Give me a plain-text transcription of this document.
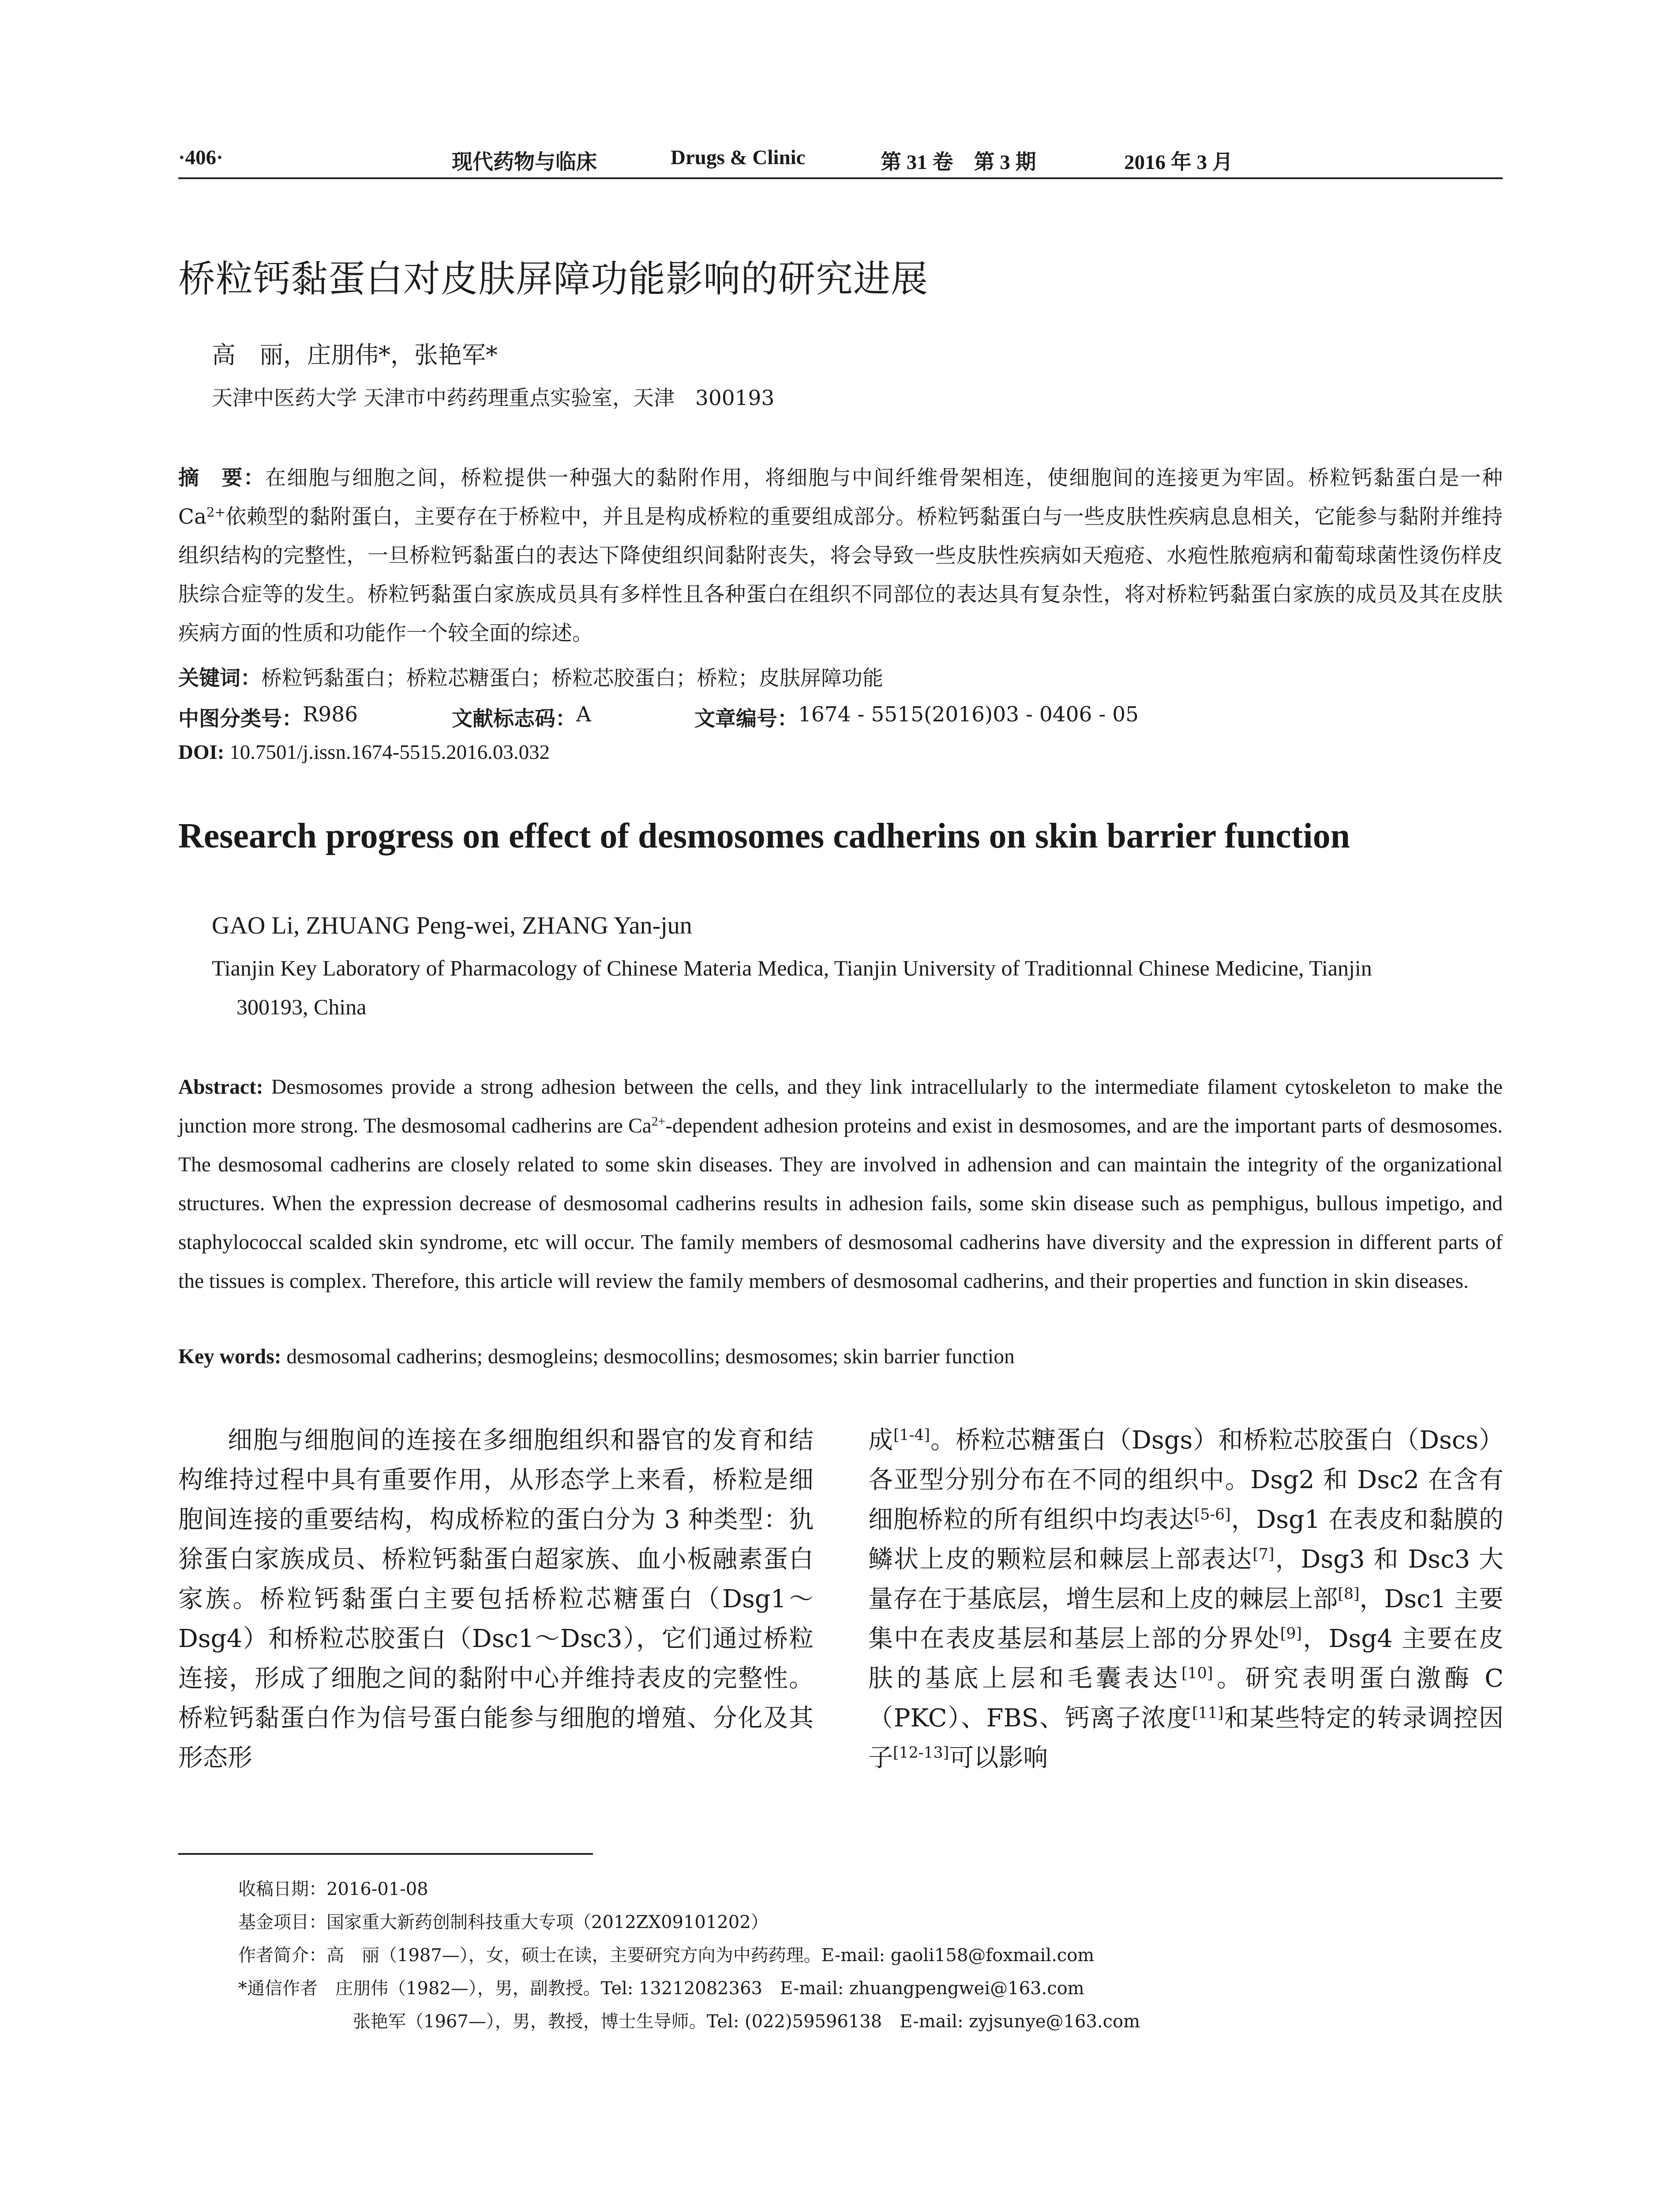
·406·	现代药物与临床	Drugs & Clinic	第 31 卷　第 3 期	2016 年 3 月
桥粒钙黏蛋白对皮肤屏障功能影响的研究进展
高　丽，庄朋伟*，张艳军*
天津中医药大学 天津市中药药理重点实验室，天津　300193
摘　要：在细胞与细胞之间，桥粒提供一种强大的黏附作用，将细胞与中间纤维骨架相连，使细胞间的连接更为牢固。桥粒钙黏蛋白是一种 $Ca^{2+}$依赖型的黏附蛋白，主要存在于桥粒中，并且是构成桥粒的重要组成部分。桥粒钙黏蛋白与一些皮肤性疾病息息相关，它能参与黏附并维持组织结构的完整性，一旦桥粒钙黏蛋白的表达下降使组织间黏附丧失，将会导致一些皮肤性疾病如天疱疮、水疱性脓疱病和葡萄球菌性烫伤样皮肤综合症等的发生。桥粒钙黏蛋白家族成员具有多样性且各种蛋白在组织不同部位的表达具有复杂性，将对桥粒钙黏蛋白家族的成员及其在皮肤疾病方面的性质和功能作一个较全面的综述。
关键词：桥粒钙黏蛋白；桥粒芯糖蛋白；桥粒芯胶蛋白；桥粒；皮肤屏障功能
中图分类号： R986	文献标志码： A	文章编号： 1674 - 5515(2016)03 - 0406 - 05
DOI: 10.7501/j.issn.1674-5515.2016.03.032
Research progress on effect of desmosomes cadherins on skin barrier function
GAO Li, ZHUANG Peng-wei, ZHANG Yan-jun
Tianjin Key Laboratory of Pharmacology of Chinese Materia Medica, Tianjin University of Traditionnal Chinese Medicine, Tianjin
300193, China
Abstract: Desmosomes provide a strong adhesion between the cells, and they link intracellularly to the intermediate filament cytoskeleton to make the junction more strong. The desmosomal cadherins are $Ca^{2+}$-dependent adhesion proteins and exist in desmosomes, and are the important parts of desmosomes. The desmosomal cadherins are closely related to some skin diseases. They are involved in adhension and can maintain the integrity of the organizational structures. When the expression decrease of desmosomal cadherins results in adhesion fails, some skin disease such as pemphigus, bullous impetigo, and staphylococcal scalded skin syndrome, etc will occur. The family members of desmosomal cadherins have diversity and the expression in different parts of the tissues is complex. Therefore, this article will review the family members of desmosomal cadherins, and their properties and function in skin diseases.
Key words: desmosomal cadherins; desmogleins; desmocollins; desmosomes; skin barrier function
细胞与细胞间的连接在多细胞组织和器官的发育和结构维持过程中具有重要作用，从形态学上来看，桥粒是细胞间连接的重要结构，构成桥粒的蛋白分为 3 种类型：犰狳蛋白家族成员、桥粒钙黏蛋白超家族、血小板融素蛋白家族。桥粒钙黏蛋白主要包括桥粒芯糖蛋白（Dsg1～Dsg4）和桥粒芯胶蛋白（Dsc1～Dsc3），它们通过桥粒连接，形成了细胞之间的黏附中心并维持表皮的完整性。桥粒钙黏蛋白作为信号蛋白能参与细胞的增殖、分化及其形态形
成[1-4]。桥粒芯糖蛋白（Dsgs）和桥粒芯胶蛋白（Dscs）各亚型分别分布在不同的组织中。Dsg2 和 Dsc2 在含有细胞桥粒的所有组织中均表达[5-6]，Dsg1 在表皮和黏膜的鳞状上皮的颗粒层和棘层上部表达[7]，Dsg3 和 Dsc3 大量存在于基底层，增生层和上皮的棘层上部[8]，Dsc1 主要集中在表皮基层和基层上部的分界处[9]，Dsg4 主要在皮肤的基底上层和毛囊表达[10]。研究表明蛋白激酶 C（PKC）、FBS、钙离子浓度[11]和某些特定的转录调控因子[12-13]可以影响
收稿日期：2016-01-08
基金项目：国家重大新药创制科技重大专项（2012ZX09101202）
作者简介：高　丽（1987—），女，硕士在读，主要研究方向为中药药理。E-mail: gaoli158@foxmail.com
*通信作者　庄朋伟（1982—），男，副教授。Tel: 13212082363　E-mail: zhuangpengwei@163.com
张艳军（1967—），男，教授，博士生导师。Tel: (022)59596138　E-mail: zyjsunye@163.com
